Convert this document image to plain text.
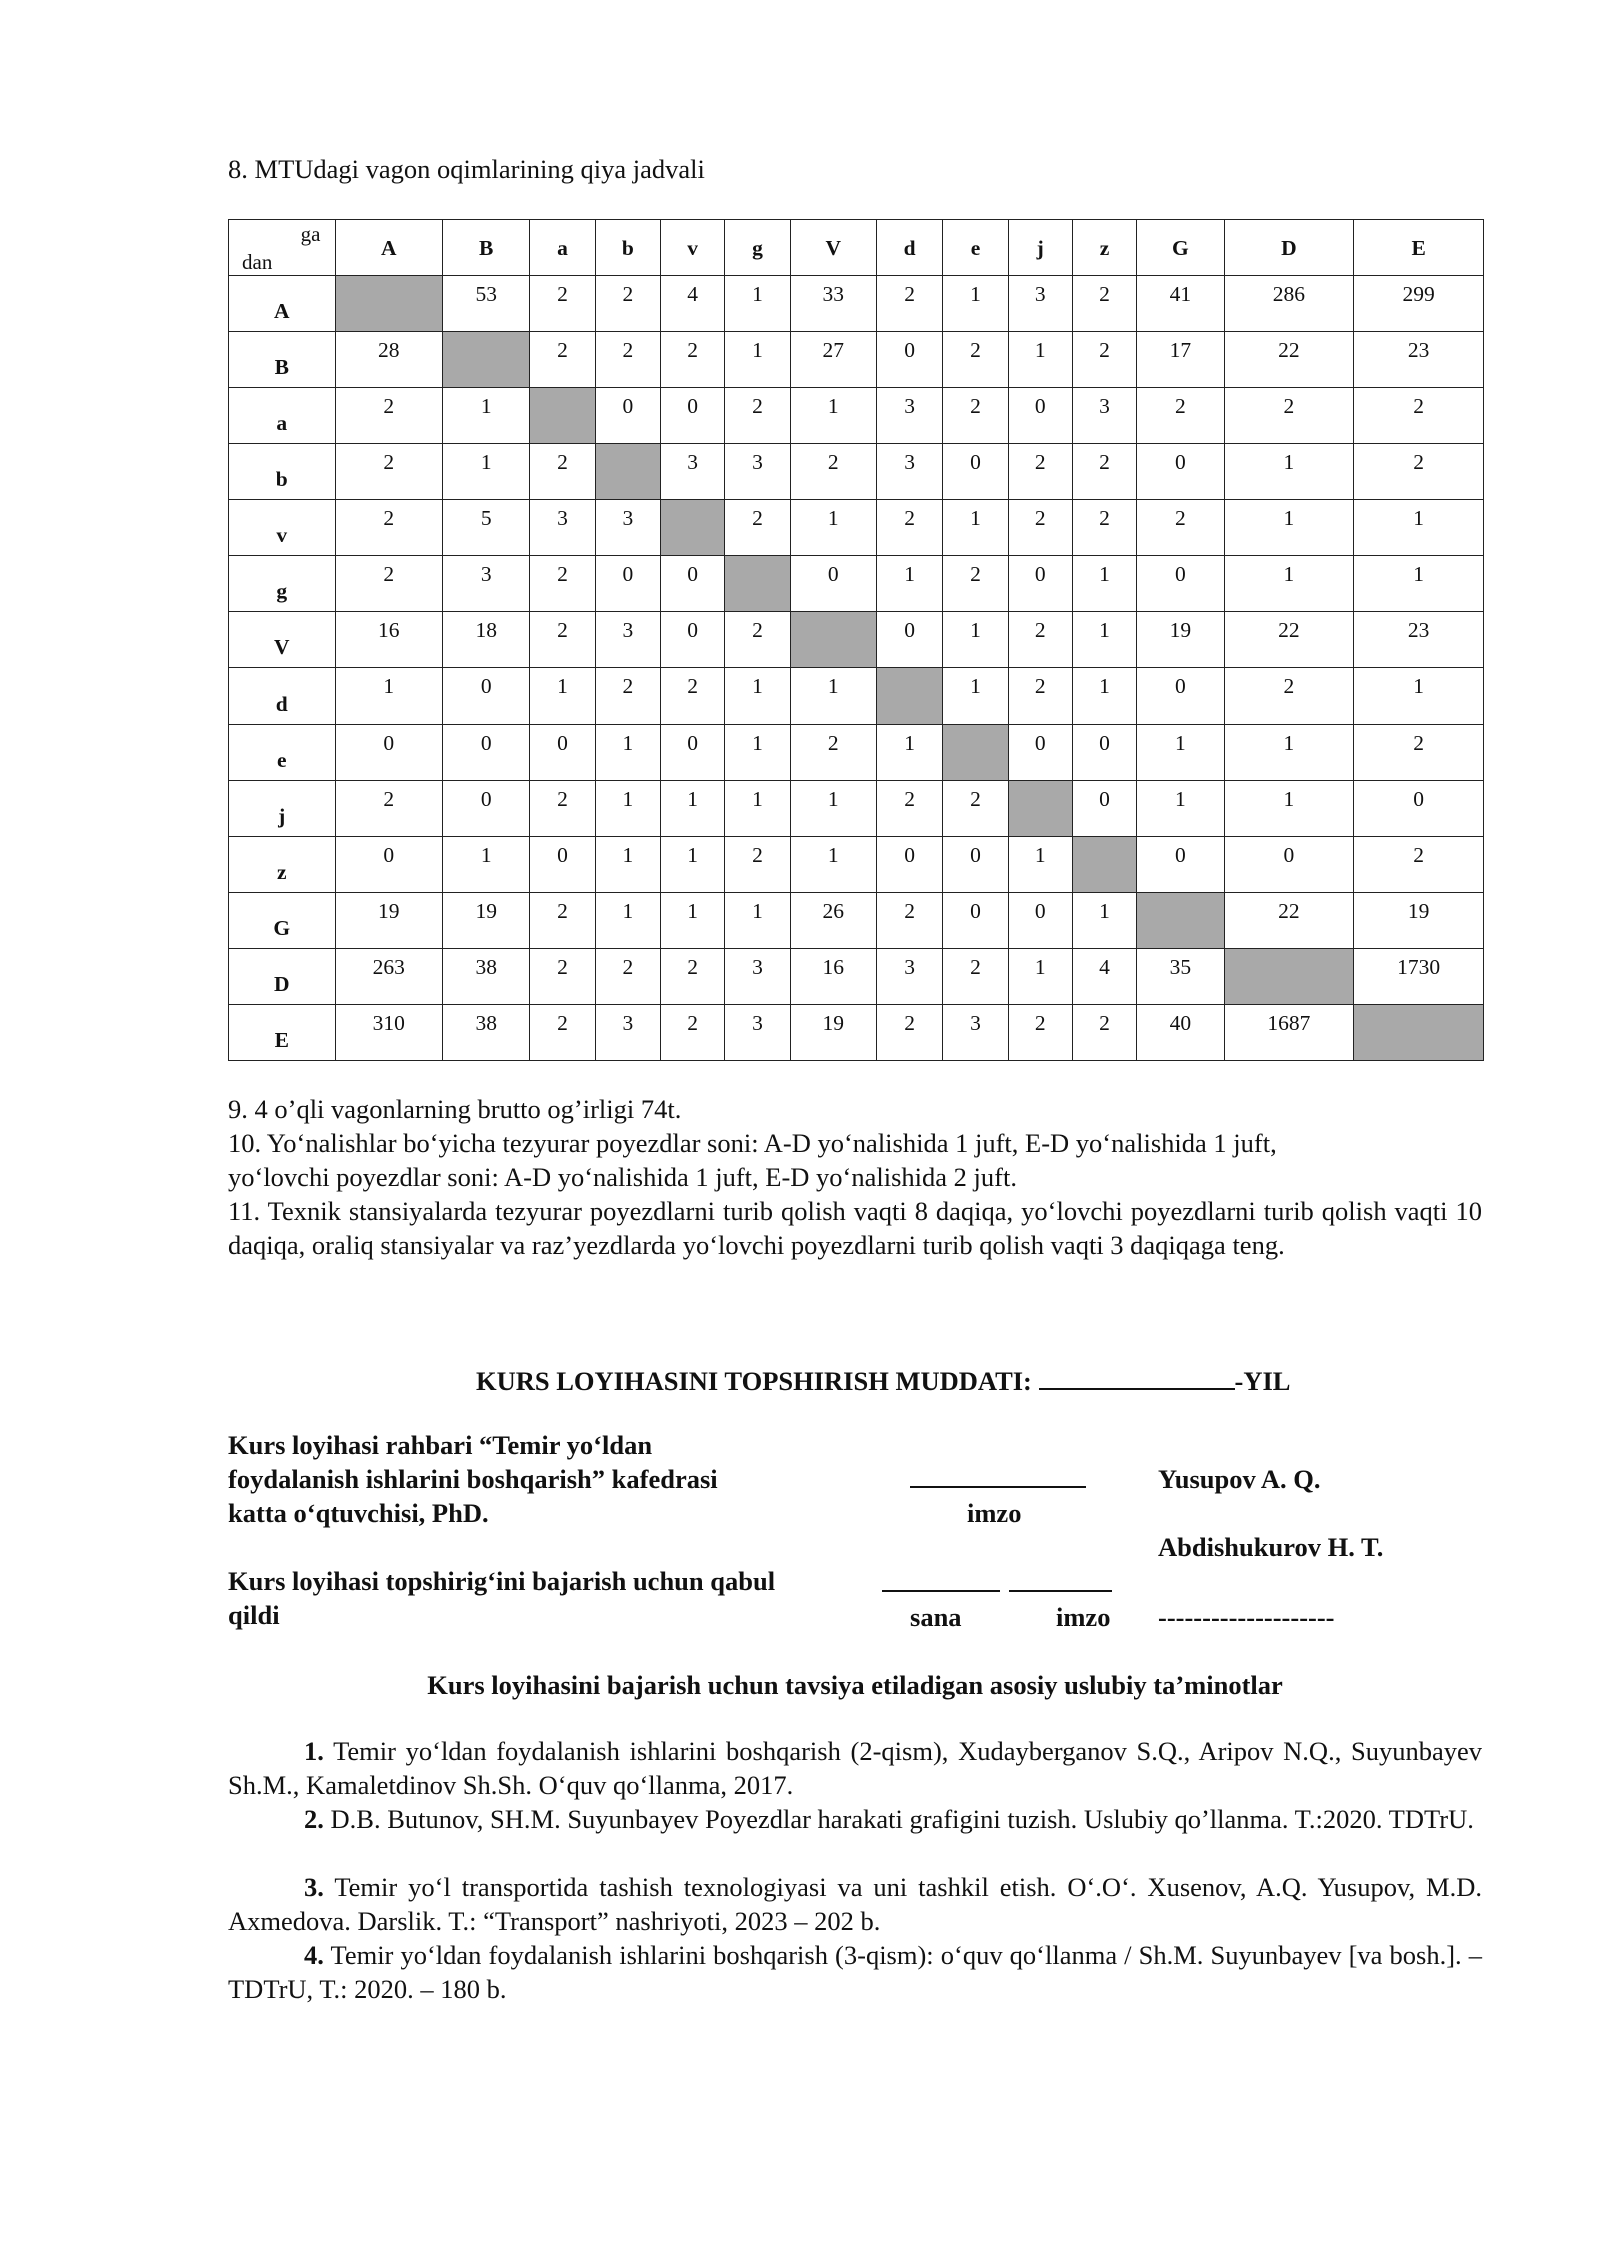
8. MTUdagi vagon oqimlarining qiya jadvali
ga
dan	A	B	a	b	v	g	V	d	e	j	z	G	D	E
A		53	2	2	4	1	33	2	1	3	2	41	286	299
B	28		2	2	2	1	27	0	2	1	2	17	22	23
a	2	1		0	0	2	1	3	2	0	3	2	2	2
b	2	1	2		3	3	2	3	0	2	2	0	1	2
v	2	5	3	3		2	1	2	1	2	2	2	1	1
g	2	3	2	0	0		0	1	2	0	1	0	1	1
V	16	18	2	3	0	2		0	1	2	1	19	22	23
d	1	0	1	2	2	1	1		1	2	1	0	2	1
e	0	0	0	1	0	1	2	1		0	0	1	1	2
j	2	0	2	1	1	1	1	2	2		0	1	1	0
z	0	1	0	1	1	2	1	0	0	1		0	0	2
G	19	19	2	1	1	1	26	2	0	0	1		22	19
D	263	38	2	2	2	3	16	3	2	1	4	35		1730
E	310	38	2	3	2	3	19	2	3	2	2	40	1687	
9. 4 o’qli vagonlarning brutto og’irligi 74t.
10. Yoʻnalishlar boʻyicha tezyurar poyezdlar soni: A-D yoʻnalishida 1 juft, E-D yoʻnalishida 1 juft,
yoʻlovchi poyezdlar soni: A-D yoʻnalishida 1 juft, E-D yoʻnalishida 2 juft.
11. Texnik stansiyalarda tezyurar poyezdlarni turib qolish vaqti 8 daqiqa, yoʻlovchi poyezdlarni turib qolish vaqti 10 daqiqa, oraliq stansiyalar va raz’yezdlarda yoʻlovchi poyezdlarni turib qolish vaqti 3 daqiqaga teng.
KURS LOYIHASINI TOPSHIRISH MUDDATI:	-YIL
Kurs loyihasi rahbari “Temir yoʻldan
foydalanish ishlarini boshqarish” kafedrasi
katta oʻqtuvchisi, PhD.	imzo
Yusupov A. Q.
Abdishukurov H. T.
Kurs loyihasi topshirigʻini bajarish uchun qabul
qildi	sana	imzo --------------------
Kurs loyihasini bajarish uchun tavsiya etiladigan asosiy uslubiy ta’minotlar
1. Temir yoʻldan foydalanish ishlarini boshqarish (2-qism), Xudayberganov S.Q., Aripov N.Q., Suyunbayev Sh.M., Kamaletdinov Sh.Sh. Oʻquv qoʻllanma, 2017.
2. D.B. Butunov, SH.M. Suyunbayev Poyezdlar harakati grafigini tuzish. Uslubiy qo’llanma. T.:2020. TDTrU.
3. Temir yoʻl transportida tashish texnologiyasi va uni tashkil etish. Oʻ.Oʻ. Xusenov, A.Q. Yusupov, M.D. Axmedova. Darslik. T.: “Transport” nashriyoti, 2023 – 202 b.
4. Temir yoʻldan foydalanish ishlarini boshqarish (3-qism): oʻquv qoʻllanma / Sh.M. Suyunbayev [va bosh.]. – TDTrU, T.: 2020. – 180 b.
